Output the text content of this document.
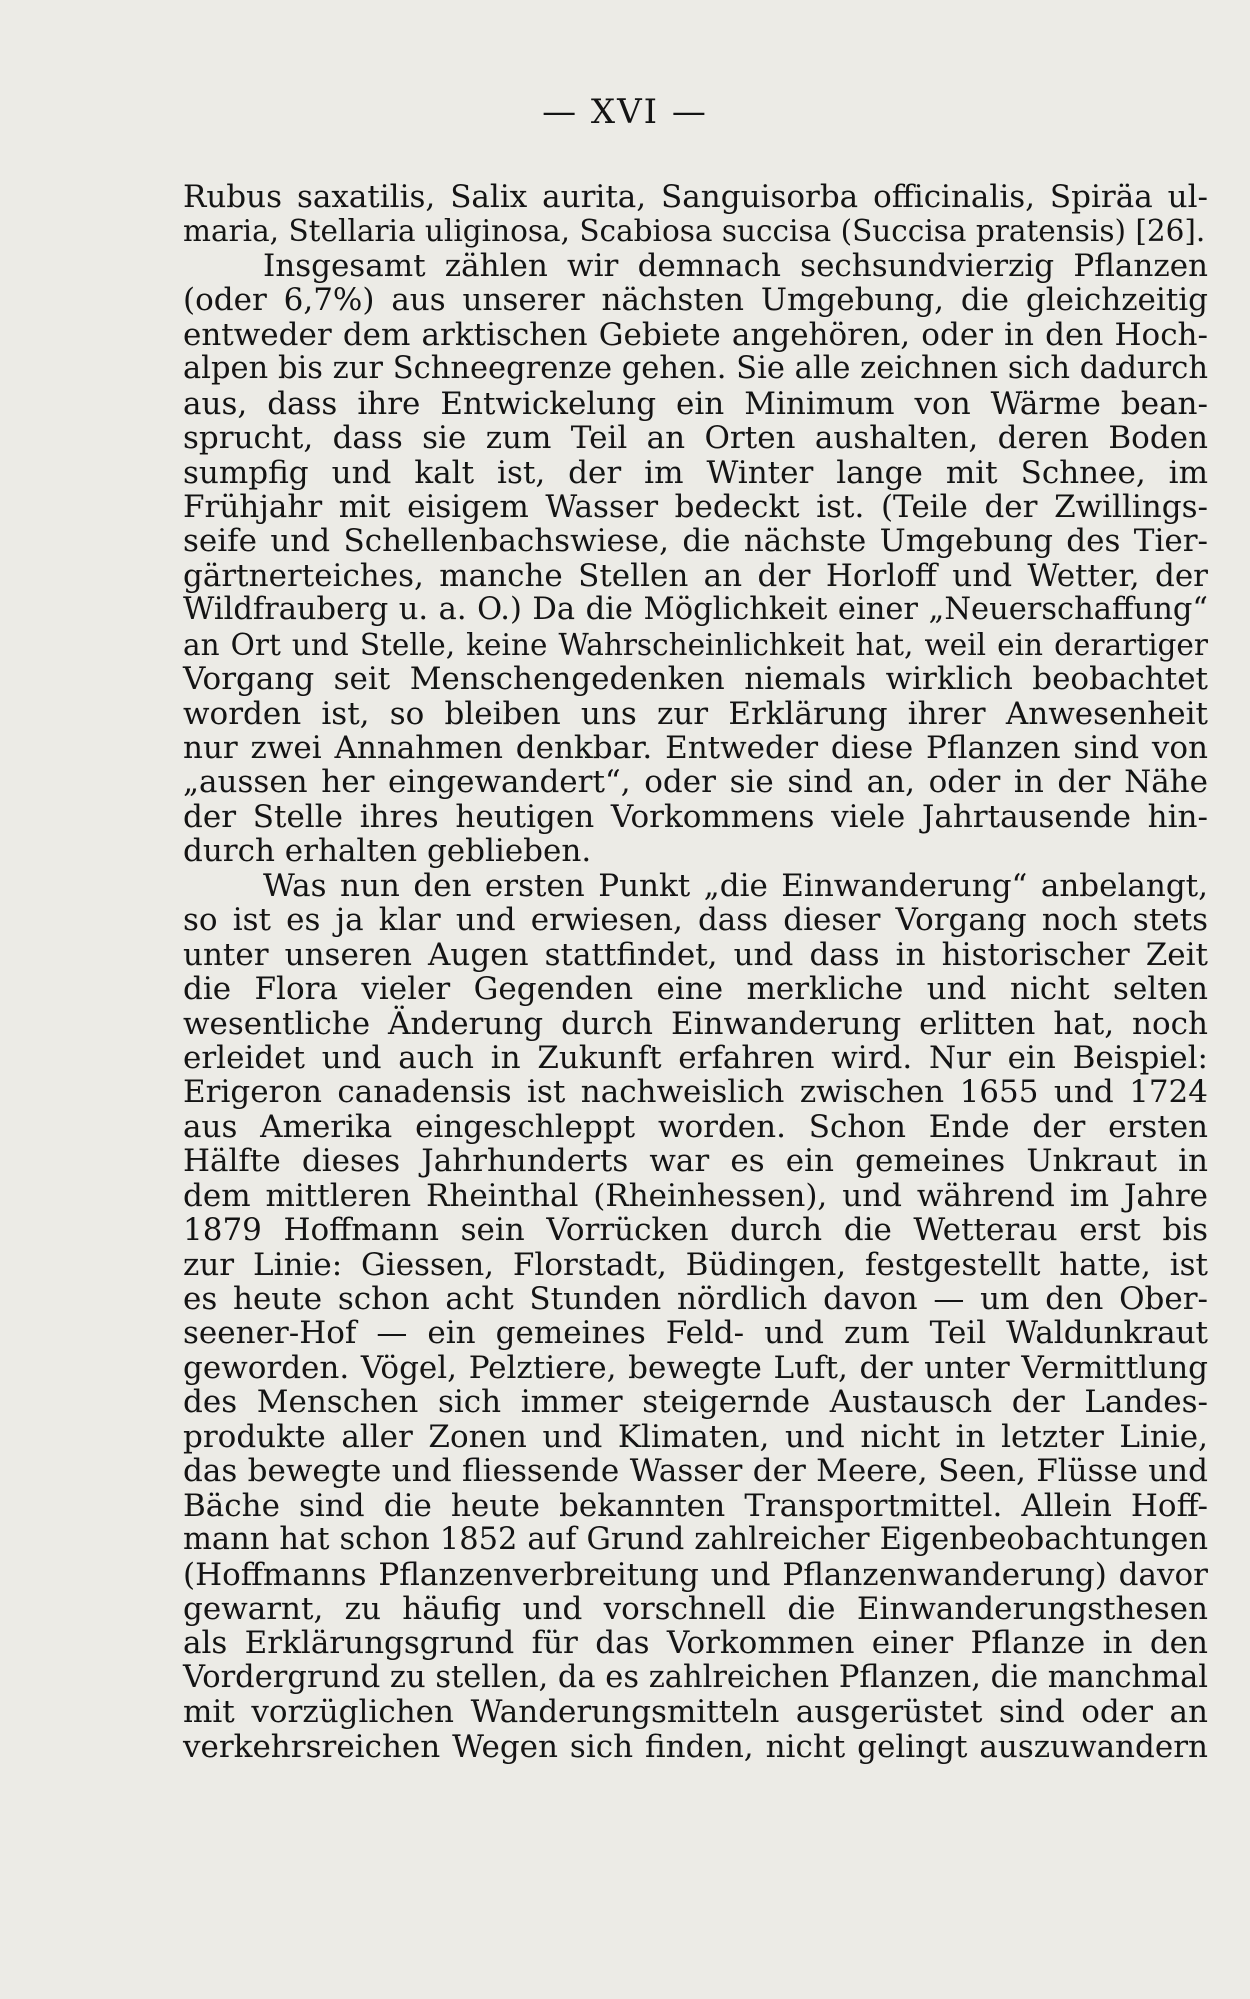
— XVI —
Rubus saxatilis, Salix aurita, Sanguisorba officinalis, Spiräa ul-
maria, Stellaria uliginosa, Scabiosa succisa (Succisa pratensis) [26].
Insgesamt zählen wir demnach sechsundvierzig Pflanzen
(oder 6,7%) aus unserer nächsten Umgebung, die gleichzeitig
entweder dem arktischen Gebiete angehören, oder in den Hoch-
alpen bis zur Schneegrenze gehen. Sie alle zeichnen sich dadurch
aus, dass ihre Entwickelung ein Minimum von Wärme bean-
sprucht, dass sie zum Teil an Orten aushalten, deren Boden
sumpfig und kalt ist, der im Winter lange mit Schnee, im
Frühjahr mit eisigem Wasser bedeckt ist. (Teile der Zwillings-
seife und Schellenbachswiese, die nächste Umgebung des Tier-
gärtnerteiches, manche Stellen an der Horloff und Wetter, der
Wildfrauberg u. a. O.) Da die Möglichkeit einer „Neuerschaffung“
an Ort und Stelle, keine Wahrscheinlichkeit hat, weil ein derartiger
Vorgang seit Menschengedenken niemals wirklich beobachtet
worden ist, so bleiben uns zur Erklärung ihrer Anwesenheit
nur zwei Annahmen denkbar. Entweder diese Pflanzen sind von
„aussen her eingewandert“, oder sie sind an, oder in der Nähe
der Stelle ihres heutigen Vorkommens viele Jahrtausende hin-
durch erhalten geblieben.
Was nun den ersten Punkt „die Einwanderung“ anbelangt,
so ist es ja klar und erwiesen, dass dieser Vorgang noch stets
unter unseren Augen stattfindet, und dass in historischer Zeit
die Flora vieler Gegenden eine merkliche und nicht selten
wesentliche Änderung durch Einwanderung erlitten hat, noch
erleidet und auch in Zukunft erfahren wird. Nur ein Beispiel:
Erigeron canadensis ist nachweislich zwischen 1655 und 1724
aus Amerika eingeschleppt worden. Schon Ende der ersten
Hälfte dieses Jahrhunderts war es ein gemeines Unkraut in
dem mittleren Rheinthal (Rheinhessen), und während im Jahre
1879 Hoffmann sein Vorrücken durch die Wetterau erst bis
zur Linie: Giessen, Florstadt, Büdingen, festgestellt hatte, ist
es heute schon acht Stunden nördlich davon — um den Ober-
seener-Hof — ein gemeines Feld- und zum Teil Waldunkraut
geworden. Vögel, Pelztiere, bewegte Luft, der unter Vermittlung
des Menschen sich immer steigernde Austausch der Landes-
produkte aller Zonen und Klimaten, und nicht in letzter Linie,
das bewegte und fliessende Wasser der Meere, Seen, Flüsse und
Bäche sind die heute bekannten Transportmittel. Allein Hoff-
mann hat schon 1852 auf Grund zahlreicher Eigenbeobachtungen
(Hoffmanns Pflanzenverbreitung und Pflanzenwanderung) davor
gewarnt, zu häufig und vorschnell die Einwanderungsthesen
als Erklärungsgrund für das Vorkommen einer Pflanze in den
Vordergrund zu stellen, da es zahlreichen Pflanzen, die manchmal
mit vorzüglichen Wanderungsmitteln ausgerüstet sind oder an
verkehrsreichen Wegen sich finden, nicht gelingt auszuwandern
